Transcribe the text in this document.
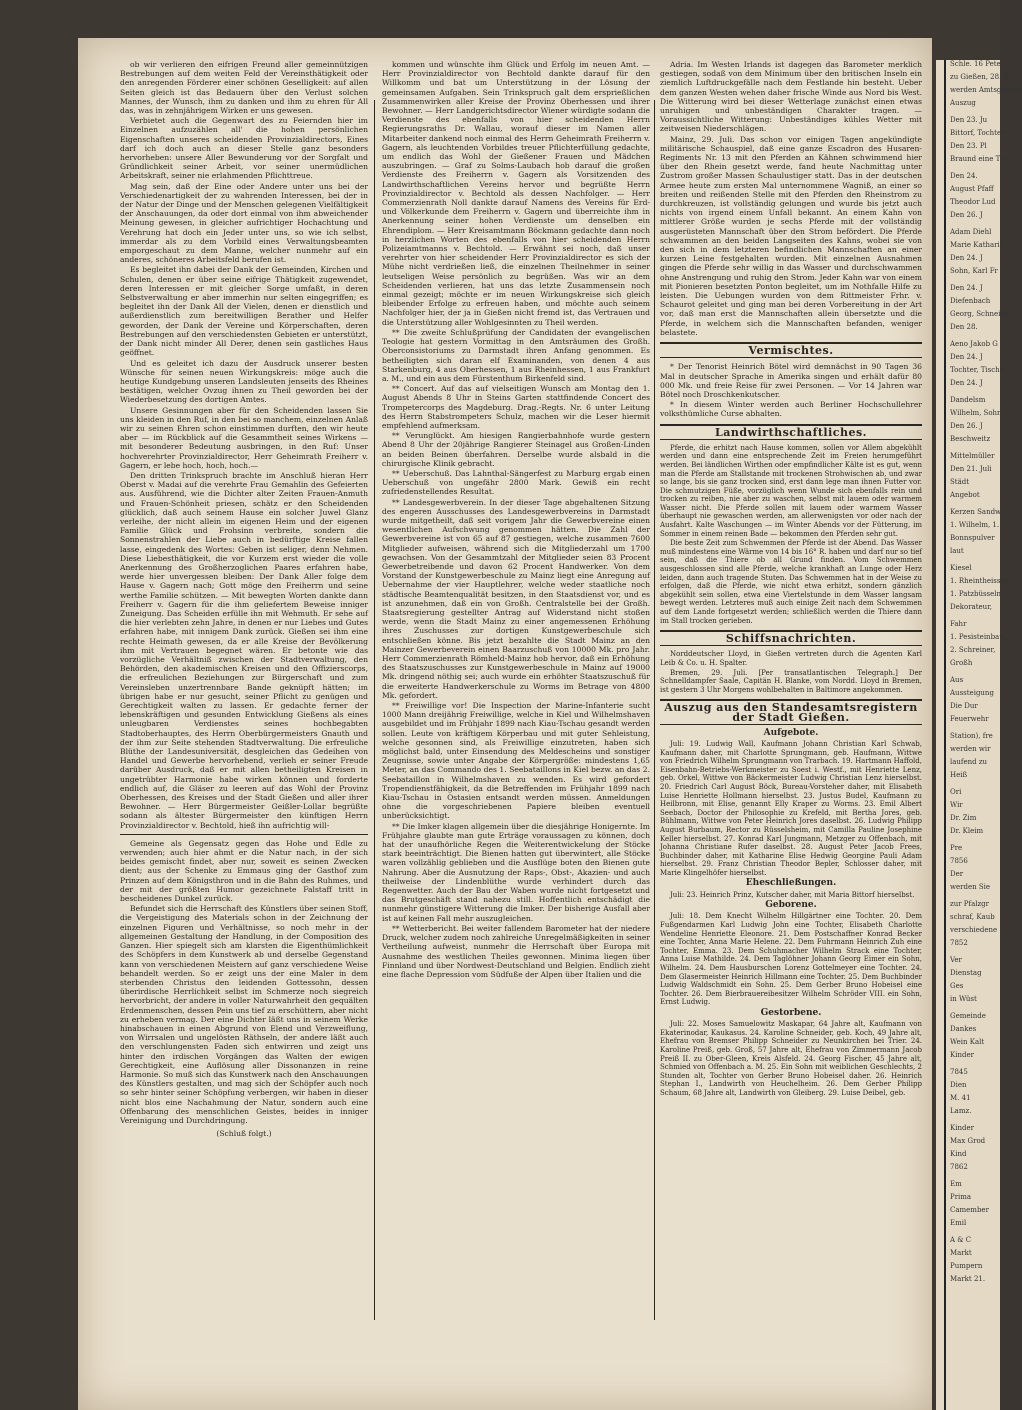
Schle. 16 Peter
zu Gießen, 28. K
werden Amtsgericht
Auszug
Den 23. Ju
Bittorf, Tochter
Den 23. Pl
Braund eine Tm
Den 24.
August Pfaff
Theodor Lud
Den 26. J
Adam Diehl
Marie Katharin
Den 24. J
Sohn, Karl Fr
Den 24. J
Diefenbach
Georg, Schneide
Den 28.
Aeno Jakob G
Den 24. J
Tochter, Tische
Den 24. J
Dandelsm
Wilhelm, Sohn
Den 26. J
Beschweitz
Mittelmüller
Den 21. Juli
Städt
Angebot
Kerzen Sandw.
1. Wilhelm, 1.
Bonnspulver
laut
Kiesel
1. Rheintheisser,
1. Patzbüsseln
Dekorateur,
Fahr
1. Pesisteinbau,
2. Schreiner,
Großh
Aus
Aussteigung
Die Dur
Feuerwehr
Station), fre
werden wir
laufend zu
Heiß
Ori
Wir
Dr. Zim
Dr. Kleim
Pre
7856
Der
werden Sie
zur Pfalzgr
schraf, Kaub
verschiedene
7852
Ver
Dienstag
Ges
in Wüst
Gemeinde
Dankes
Wein Kalt
Kinder
7845
Dien
M. 41
Lamz.
Kinder
Max Grod
Kind
7862
Em
Prima
Camember
Emil
A & C
Markt
Pumpern
Markt 21.

ob wir verlieren den eifrigen Freund aller gemeinnützigen Bestrebungen auf dem weiten Feld der Vereinsthätigkeit oder den anregenden Förderer einer schönen Geselligkeit: auf allen Seiten gleich ist das Bedauern über den Verlust solchen Mannes, der Wunsch, ihm zu danken und ihm zu ehren für All das, was in zehnjährigem Wirken er uns gewesen.

Verbietet auch die Gegenwart des zu Feiernden hier im Einzelnen aufzuzählen all' die hohen persönlichen Eigenschaften unseres scheidenden Provinzialdirectors, Eines darf ich doch auch an dieser Stelle ganz besonders hervorheben: unsere Aller Bewunderung vor der Sorgfalt und Gründlichkeit seiner Arbeit, vor seiner unermüdlichen Arbeitskraft, seiner nie erlahmenden Pflichttreue.

Mag sein, daß der Eine oder Andere unter uns bei der Verschiedenartigkeit der zu wahrenden Interessen, bei der in der Natur der Dinge und der Menschen gelegenen Vielfältigkeit der Anschauungen, da oder dort einmal von ihm abweichender Meinung gewesen, in gleicher aufrichtiger Hochachtung und Verehrung hat doch ein Jeder unter uns, so wie ich selbst, immerdar als zu dem Vorbild eines Verwaltungsbeamten emporgeschaut zu dem Manne, welcher nunmehr auf ein anderes, schöneres Arbeitsfeld berufen ist.

Es begleitet ihn dabei der Dank der Gemeinden, Kirchen und Schulen, denen er über seine eifrige Thätigkeit zugewendet, deren Interessen er mit gleicher Sorge umfaßt, in deren Selbstverwaltung er aber immerhin nur selten eingegriffen; es begleitet ihn der Dank All der Vielen, denen er dienstlich und außerdienstlich zum bereitwilligen Berather und Helfer geworden, der Dank der Vereine und Körperschaften, deren Bestrebungen auf den verschiedensten Gebieten er unterstützt, der Dank nicht minder All Derer, denen sein gastliches Haus geöffnet.

Und es geleitet ich dazu der Ausdruck unserer besten Wünsche für seinen neuen Wirkungskreis: möge auch die heutige Kundgebung unseren Landsleuten jenseits des Rheines bestätigen, welcher Ovzug ihnen zu Theil geworden bei der Wiederbesetzung des dortigen Amtes.

Unsere Gesinnungen aber für den Scheidenden lassen Sie uns kleiden in den Ruf, in den bei so manchem, einzelnen Anlaß wir zu seinen Ehren schon einstimmen durften, den wir heute aber — im Rückblick auf die Gesammtheit seines Wirkens — mit besonderer Bedeutung ausbringen, in den Ruf: Unser hochverehrter Provinzialdirector, Herr Geheimrath Freiherr v. Gagern, er lebe hoch, hoch, hoch.—

Den dritten Trinkspruch brachte im Anschluß hieran Herr Oberst v. Madai auf die verehrte Frau Gemahlin des Gefeierten aus. Ausführend, wie die Dichter alter Zeiten Frauen-Anmuth und Frauen-Schönheit priesen, schätz er den Scheidenden glücklich, daß auch seinem Hause ein solcher Juwel Glanz verleihe, der nicht allein im eigenen Heim und der eigenen Familie Glück und Frohsinn verbreite, sondern die Sonnenstrahlen der Liebe auch in bedürftige Kreise fallen lasse, eingedenk des Wortes: Geben ist seliger, denn Nehmen. Diese Liebesthätigkeit, die vor Kurzem erst wieder die volle Anerkennung des Großherzoglichen Paares erfahren habe, werde hier unvergessen bleiben: Der Dank Aller folge dem Hause v. Gagern nach; Gott möge den Freiherrn und seine werthe Familie schützen. — Mit bewegten Worten dankte dann Freiherr v. Gagern für die ihm geliefertem Beweise inniger Zuneigung. Das Scheiden erfülle ihn mit Wehmuth. Er sehe auf die hier verlebten zehn Jahre, in denen er nur Liebes und Gutes erfahren habe, mit innigem Dank zurück. Gießen sei ihm eine rechte Heimath gewesen, da er alle Kreise der Bevölkerung ihm mit Vertrauen begegnet wären. Er betonte wie das vorzügliche Verhältniß zwischen der Stadtverwaltung, den Behörden, den akademischen Kreisen und den Offizierscorps, die erfreulichen Beziehungen zur Bürgerschaft und zum Vereinsleben unzertrennbare Bande geknüpft hätten; im übrigen habe er nur gesucht, seiner Pflicht zu genügen und Gerechtigkeit walten zu lassen. Er gedachte ferner der lebenskräftigen und gesunden Entwicklung Gießens als eines unleugbaren Verdienstes seines hochbegabten Stadtoberhauptes, des Herrn Oberbürgermeisters Gnauth und der ihm zur Seite stehenden Stadtverwaltung. Die erfreuliche Blüthe der Landesuniversität, desgleichen das Gedeihen von Handel und Gewerbe hervorhebend, verlieh er seiner Freude darüber Ausdruck, daß er mit allen betheiligten Kreisen in ungetrübter Harmonie habe wirken können und forderte endlich auf, die Gläser zu leeren auf das Wohl der Provinz Oberhessen, des Kreises und der Stadt Gießen und aller ihrer Bewohner. — Herr Bürgermeister Geißler-Lollar begrüßte sodann als ältester Bürgermeister den künftigen Herrn Provinzialdirector v. Bechtold, hieß ihn aufrichtig will-

Gemeine als Gegensatz gegen das Hohe und Edle zu verwenden; auch hier ahmt er die Natur nach, in der sich beides gemischt findet, aber nur, soweit es seinen Zwecken dient; aus der Schenke zu Emmaus ging der Gasthof zum Prinzen auf dem Königsthron und in die Bahn des Ruhmes, und der mit der größten Humor gezeichnete Falstaff tritt in bescheidenes Dunkel zurück.

Befundet sich die Herrschaft des Künstlers über seinen Stoff, die Vergeistigung des Materials schon in der Zeichnung der einzelnen Figuren und Verhältnisse, so noch mehr in der allgemeinen Gestaltung der Handlung, in der Composition des Ganzen. Hier spiegelt sich am klarsten die Eigenthümlichkeit des Schöpfers in dem Kunstwerk ab und derselbe Gegenstand kann von verschiedenen Meistern auf ganz verschiedene Weise behandelt werden. So er zeigt uns der eine Maler in dem sterbenden Christus den leidenden Gottessohn, dessen überirdische Herrlichkeit selbst im Schmerze noch siegreich hervorbricht, der andere in voller Naturwahrheit den gequälten Erdenmenschen, dessen Pein uns tief zu erschüttern, aber nicht zu erheben vermag. Der eine Dichter läßt uns in seinem Werke hinabschauen in einen Abgrund von Elend und Verzweiflung, von Wirrsalen und ungelösten Räthseln, der andere läßt auch den verschlungensten Faden sich entwirren und zeigt uns hinter den irdischen Vorgängen das Walten der ewigen Gerechtigkeit, eine Auflösung aller Dissonanzen in reine Harmonie. So muß sich das Kunstwerk nach den Anschauungen des Künstlers gestalten, und mag sich der Schöpfer auch noch so sehr hinter seiner Schöpfung verbergen, wir haben in dieser nicht blos eine Nachahmung der Natur, sondern auch eine Offenbarung des menschlichen Geistes, beides in inniger Vereinigung und Durchdringung.

(Schluß folgt.)

kommen und wünschte ihm Glück und Erfolg im neuen Amt. — Herr Provinzialdirector von Bechtold dankte darauf für den Willkomm und bat um Unterstützung in der Lösung der gemeinsamen Aufgaben. Sein Trinkspruch galt dem ersprießlichen Zusammenwirken aller Kreise der Provinz Oberhessen und ihrer Bewohner. — Herr Landgerichtsdirector Wiener würdigte sodann die Verdienste des ebenfalls von hier scheidenden Herrn Regierungsraths Dr. Wallau, worauf dieser im Namen aller Mitarbeiter dankend noch einmal des Herrn Geheimrath Freiherrn v. Gagern, als leuchtenden Vorbildes treuer Pflichterfüllung gedachte, um endlich das Wohl der Gießener Frauen und Mädchen auszubringen. — Graf zu Solms-Laubach hob darauf die großen Verdienste des Freiherrn v. Gagern als Vorsitzenden des Landwirthschaftlichen Vereins hervor und begrüßte Herrn Provinzialdirector v. Bechtold als dessen Nachfolger. — Herr Commerzienrath Noll dankte darauf Namens des Vereins für Erd- und Völkerkunde dem Freiherrn v. Gagern und überreichte ihm in Anerkennung seiner hohen Verdienste um denselben ein Ehrendiplom. — Herr Kreisamtmann Böckmann gedachte dann noch in herzlichen Worten des ebenfalls von hier scheidenden Herrn Polizeiamtmanns v. Bechtold. — Erwähnt sei noch, daß unser verehrter von hier scheidender Herr Provinzialdirector es sich der Mühe nicht verdrießen ließ, die einzelnen Theilnehmer in seiner leutseligen Weise persönlich zu begrüßen. Was wir an dem Scheidenden verlieren, hat uns das letzte Zusammensein noch einmal gezeigt; möchte er im neuen Wirkungskreise sich gleich bleibender Erfolge zu erfreuen haben, und möchte auch seinem Nachfolger hier, der ja in Gießen nicht fremd ist, das Vertrauen und die Unterstützung aller Wohlgesinnten zu Theil werden.

** Die zweite Schlußprüfung der Candidaten der evangelischen Teologie hat gestern Vormittag in den Amtsräumen des Großh. Oberconsistoriums zu Darmstadt ihren Anfang genommen. Es betheiligten sich daran elf Examinanden, von denen 4 aus Starkenburg, 4 aus Oberhessen, 1 aus Rheinhessen, 1 aus Frankfurt a. M., und ein aus dem Fürstenthum Birkenfeld sind.

** Concert. Auf das auf vielseitigen Wunsch am Montag den 1. August Abends 8 Uhr in Steins Garten stattfindende Concert des Trompetercorps des Magdeburg. Drag.-Regts. Nr. 6 unter Leitung des Herrn Stabstrompeters Schulz, machen wir die Leser hiermit empfehlend aufmerksam.

** Verunglückt. Am hiesigen Rangierbahnhofe wurde gestern Abend 8 Uhr der 20jährige Rangierer Steinagel aus Großen-Linden an beiden Beinen überfahren. Derselbe wurde alsbald in die chirurgische Klinik gebracht.

** Ueberschuß. Das Lahnthal-Sängerfest zu Marburg ergab einen Ueberschuß von ungefähr 2800 Mark. Gewiß ein recht zufriedenstellendes Resultat.

** Landesgewerbverein. In der dieser Tage abgehaltenen Sitzung des engeren Ausschusses des Landesgewerbvereins in Darmstadt wurde mitgetheilt, daß seit vorigem Jahr die Gewerbvereine einen wesentlichen Aufschwung genommen hätten. Die Zahl der Gewerbvereine ist von 65 auf 87 gestiegen, welche zusammen 7600 Mitglieder aufweisen, während sich die Mitgliederzahl um 1700 gewachsen. Von der Gesammtzahl der Mitglieder seien 83 Procent Gewerbetreibende und davon 62 Procent Handwerker. Von dem Vorstand der Kunstgewerbeschule zu Mainz liegt eine Anregung auf Uebernahme der vier Hauptlehrer, welche weder staatliche noch städtische Beamtenqualität besitzen, in den Staatsdienst vor, und es ist anzunehmen, daß ein von Großh. Centralstelle bei der Großh. Staatsregierung gestellter Antrag auf Widerstand nicht stoßen werde, wenn die Stadt Mainz zu einer angemessenen Erhöhung ihres Zuschusses zur dortigen Kunstgewerbeschule sich entschließen könne. Bis jetzt bezahlte die Stadt Mainz an den Mainzer Gewerbeverein einen Baarzuschuß von 10000 Mk. pro Jahr. Herr Commerzienrath Römheld-Mainz hob hervor, daß ein Erhöhung des Staatszuschusses zur Kunstgewerbeschule in Mainz auf 19000 Mk. dringend nöthig sei; auch wurde ein erhöhter Staatszuschuß für die erweiterte Handwerkerschule zu Worms im Betrage von 4800 Mk. gefordert.

** Freiwillige vor! Die Inspection der Marine-Infanterie sucht 1000 Mann dreijährig Freiwillige, welche in Kiel und Wilhelmshaven ausgebildet und im Frühjahr 1899 nach Kiau-Tschau gesandt werden sollen. Leute von kräftigem Körperbau und mit guter Sehleistung, welche gesonnen sind, als Freiwillige einzutreten, haben sich möglichst bald, unter Einsendung des Meldescheins und sonstiger Zeugnisse, sowie unter Angabe der Körpergröße: mindestens 1,65 Meter, an das Commando des 1. Seebataillons in Kiel bezw. an das 2. Seebataillon in Wilhelmshaven zu wenden. Es wird gefordert Tropendienstfähigkeit, da die Betreffenden im Frühjahr 1899 nach Kiau-Tschau in Ostasien entsandt werden müssen. Anmeldungen ohne die vorgeschriebenen Papiere bleiben eventuell unberücksichtigt.

** Die Imker klagen allgemein über die diesjährige Honigernte. Im Frühjahre glaubte man gute Erträge voraussagen zu können, doch hat der unaufhörliche Regen die Weiterentwickelung der Stöcke stark beeinträchtigt. Die Bienen hatten gut überwintert, alle Stöcke waren vollzählig geblieben und die Ausflüge boten den Bienen gute Nahrung. Aber die Ausnutzung der Raps-, Obst-, Akazien- und auch theilweise der Lindenblüthe wurde verhindert durch das Regenwetter. Auch der Bau der Waben wurde nicht fortgesetzt und das Brutgeschäft stand nahezu still. Hoffentlich entschädigt die nunmehr günstigere Witterung die Imker. Der bisherige Ausfall aber ist auf keinen Fall mehr auszugleichen.

** Wetterbericht. Bei weiter fallendem Barometer hat der niedere Druck, welcher zudem noch zahlreiche Unregelmäßigkeiten in seiner Vertheilung aufweist, nunmehr die Herrschaft über Europa mit Ausnahme des westlichen Theiles gewonnen. Minima liegen über Finnland und über Nordwest-Deutschland und Belgien. Endlich zieht eine flache Depression vom Südfuße der Alpen über Italien und die

Adria. Im Westen Irlands ist dagegen das Barometer merklich gestiegen, sodaß von dem Minimum über den britischen Inseln ein ziemlich Luftdruckgefälle nach dem Festlande hin besteht. Ueber dem ganzen Westen wehen daher frische Winde aus Nord bis West. Die Witterung wird bei dieser Wetterlage zunächst einen etwas unruhigen und unbeständigen Charakter tragen. — Voraussichtliche Witterung: Unbeständiges kühles Wetter mit zeitweisen Niederschlägen.

Mainz, 29. Juli. Das schon vor einigen Tagen angekündigte militärische Schauspiel, daß eine ganze Escadron des Husaren-Regiments Nr. 13 mit den Pferden an Kähnen schwimmend hier über den Rhein gesetzt werde, fand heute Nachmittag unter Zustrom großer Massen Schaulustiger statt. Das in der deutschen Armee heute zum ersten Mal unternommene Wagniß, an einer so breiten und reißenden Stelle mit den Pferden den Rheinstrom zu durchkreuzen, ist vollständig gelungen und wurde bis jetzt auch nichts von irgend einem Unfall bekannt. An einem Kahn von mittlerer Größe wurden je sechs Pferde mit der vollständig ausgerüsteten Mannschaft über den Strom befördert. Die Pferde schwammen an den beiden Langseiten des Kahns, wobei sie von den sich in dem letzteren befindlichen Mannschaften an einer kurzen Leine festgehalten wurden. Mit einzelnen Ausnahmen gingen die Pferde sehr willig in das Wasser und durchschwammen ohne Anstrengung und ruhig den Strom. Jeder Kahn war von einem mit Pionieren besetzten Ponton begleitet, um im Nothfalle Hilfe zu leisten. Die Uebungen wurden von dem Rittmeister Frhr. v. Schaurot geleitet und ging man bei deren Vorbereitung in der Art vor, daß man erst die Mannschaften allein übersetzte und die Pferde, in welchem sich die Mannschaften befanden, weniger belastete.

Vermischtes.

* Der Tenorist Heinrich Bötel wird demnächst in 90 Tagen 36 Mal in deutscher Sprache in Amerika singen und erhält dafür 80 000 Mk. und freie Reise für zwei Personen. — Vor 14 Jahren war Bötel noch Droschkenkutscher.

* In diesem Winter werden auch Berliner Hochschullehrer volksthümliche Curse abhalten.

Landwirthschaftliches.

Pferde, die erhitzt nach Hause kommen, sollen vor Allem abgekühlt werden und dann eine entsprechende Zeit im Freien herumgeführt werden. Bei ländlichen Wirthen oder empfindlicher Kälte ist es gut, wenn man die Pferde am Stallstande mit trockenen Strohwischen ab, und zwar so lange, bis sie ganz trocken sind, erst dann lege man ihnen Futter vor. Die schmutzigen Füße, vorzüglich wenn Wunde sich ebenfalls rein und trocken zu reiben, nie aber zu waschen, selbst mit lauem oder warmem Wasser nicht. Die Pferde sollen mit lauem oder warmem Wasser überhaupt nie gewaschen werden, am allerwenigsten vor oder nach der Ausfahrt. Kalte Waschungen — im Winter Abends vor der Fütterung, im Sommer in einem reinen Bade — bekommen den Pferden sehr gut.

Die beste Zeit zum Schwemmen der Pferde ist der Abend. Das Wasser muß mindestens eine Wärme von 14 bis 16° R. haben und darf nur so tief sein, daß die Thiere ob all Grund finden. Vom Schwemmen ausgeschlossen sind alle Pferde, welche krankhaft an Lunge oder Herz leiden, dann auch tragende Stuten. Das Schwemmen hat in der Weise zu erfolgen, daß die Pferde, wie nicht etwa erhitzt, sondern gänzlich abgekühlt sein sollen, etwa eine Viertelstunde in dem Wasser langsam bewegt werden. Letzteres muß auch einige Zeit nach dem Schwemmen auf dem Lande fortgesetzt werden; schließlich werden die Thiere dann im Stall trocken gerieben.

Schiffsnachrichten.

Norddeutscher Lloyd, in Gießen vertreten durch die Agenten Karl Leib & Co. u. H. Spalter.

Bremen, 29. Juli. [Per transatlantischen Telegraph.] Der Schnelldampfer Saale, Capitän H. Blanke, vom Nordd. Lloyd in Bremen, ist gestern 3 Uhr Morgens wohlbehalten in Baltimore angekommen.

Auszug aus den Standesamtsregistern der Stadt Gießen.
Aufgebote.

Juli: 19. Ludwig Wall, Kaufmann Johann Christian Karl Schwab, Kaufmann daher, mit Charlotte Sprungmann, geb. Haufmann, Wittwe von Friedrich Wilhelm Sprungmann von Trarbach. 19. Hartmann Haffold, Eisenbahn-Betriebs-Werkmeister zu Soest i. Westf., mit Henriette Lenz, geb. Orkel, Wittwe von Bäckermeister Ludwig Christian Lenz hierselbst. 20. Friedrich Carl August Böck, Bureau-Vorsteher daher, mit Elisabeth Luise Henriette Hollmann hierselbst. 23. Justus Budel, Kaufmann zu Heilbronn, mit Elise, genannt Elly Kraper zu Worms. 23. Emil Albert Seebach, Doctor der Philosophie zu Krefeld, mit Bertha Jores, geb. Bühlmann, Wittwe von Peter Heinrich Jores daselbst. 26. Ludwig Philipp August Burbaum, Rector zu Rüsselsheim, mit Camilla Pauline Josephine Keller hierselbst. 27. Konrad Karl Jungmann, Metzger zu Offenbach, mit Johanna Christiane Rufer daselbst. 28. August Peter Jacob Frees, Buchbinder daher, mit Katharine Elise Hedwig Georgine Pauli Adam hierselbst. 29. Franz Christian Theodor Bepler, Schlosser daher, mit Marie Klingelhöfer hierselbst.

Eheschließungen.

Juli: 23. Heinrich Prinz, Kutscher daher, mit Maria Bittorf hierselbst.

Geborene.

Juli: 18. Dem Knecht Wilhelm Hillgärtner eine Tochter. 20. Dem Fußgendarmen Karl Ludwig John eine Tochter, Elisabeth Charlotte Wendeline Henriette Eleonore. 21. Dem Postschaffner Konrad Becker eine Tochter, Anna Marie Helene. 22. Dem Fuhrmann Heinrich Zuh eine Tochter, Emma. 23. Dem Schuhmacher Wilhelm Strack eine Tochter, Anna Luise Mathilde. 24. Dem Taglöhner Johann Georg Eimer ein Sohn, Wilhelm. 24. Dem Hausburschen Lorenz Gottelmeyer eine Tochter. 24. Dem Glasermeister Heinrich Hillmann eine Tochter. 25. Dem Buchbinder Ludwig Waldschmidt ein Sohn. 25. Dem Gerber Bruno Hobeisel eine Tochter. 26. Dem Bierbrauereibesitzer Wilhelm Schröder VIII. ein Sohn, Ernst Ludwig.

Gestorbene.

Juli: 22. Moses Samuelowitz Maskapar, 64 Jahre alt, Kaufmann von Ekaterinodar, Kaukasus. 24. Karoline Schneider, geb. Koch, 49 Jahre alt, Ehefrau von Bremser Philipp Schneider zu Neunkirchen bei Trier. 24. Karoline Preiß, geb. Groß, 57 Jahre alt, Ehefrau von Zimmermann Jacob Preiß II. zu Ober-Gleen, Kreis Alsfeld. 24. Georg Fischer, 45 Jahre alt, Schmied von Offenbach a. M. 25. Ein Sohn mit weiblichen Geschlechts, 2 Stunden alt, Tochter von Gerber Bruno Hobeisel daher. 26. Heinrich Stephan I., Landwirth von Heuchelheim. 26. Dem Gerber Philipp Schaum, 68 Jahre alt, Landwirth von Gleiberg. 29. Luise Deibel, geb.
